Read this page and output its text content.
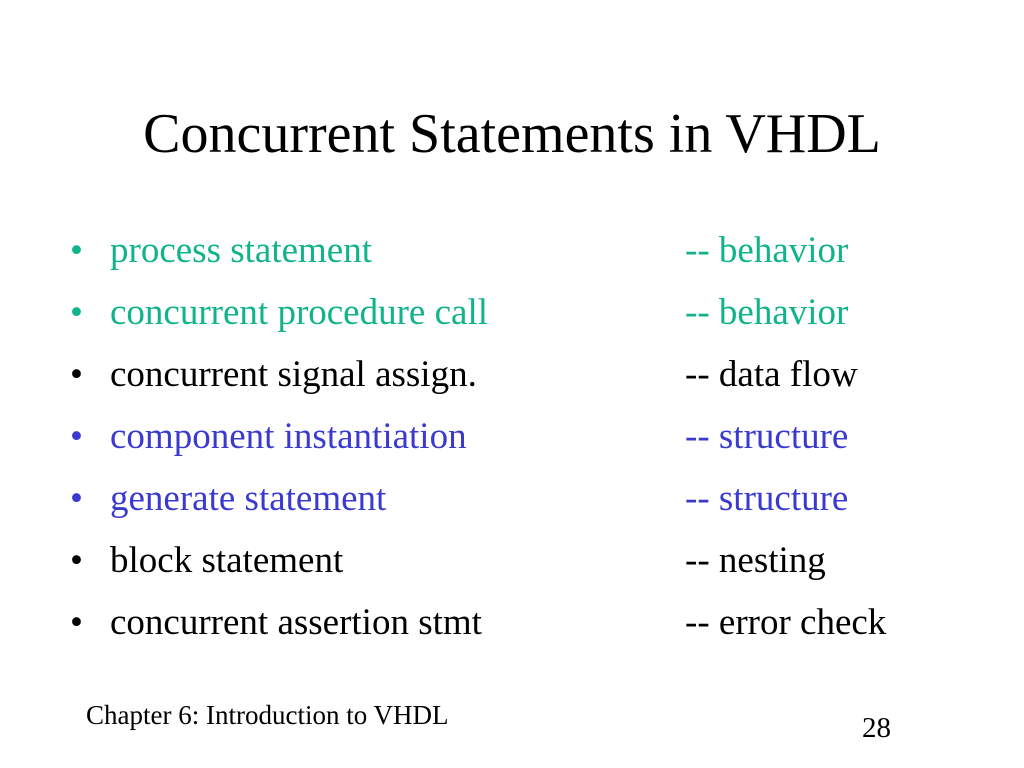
Concurrent Statements in VHDL
• process statement	-- behavior
• concurrent procedure call	-- behavior
• concurrent signal assign.	-- data flow
• component instantiation	-- structure
• generate statement	-- structure
• block statement	-- nesting
• concurrent assertion stmt	-- error check
Chapter 6: Introduction to VHDL	28
